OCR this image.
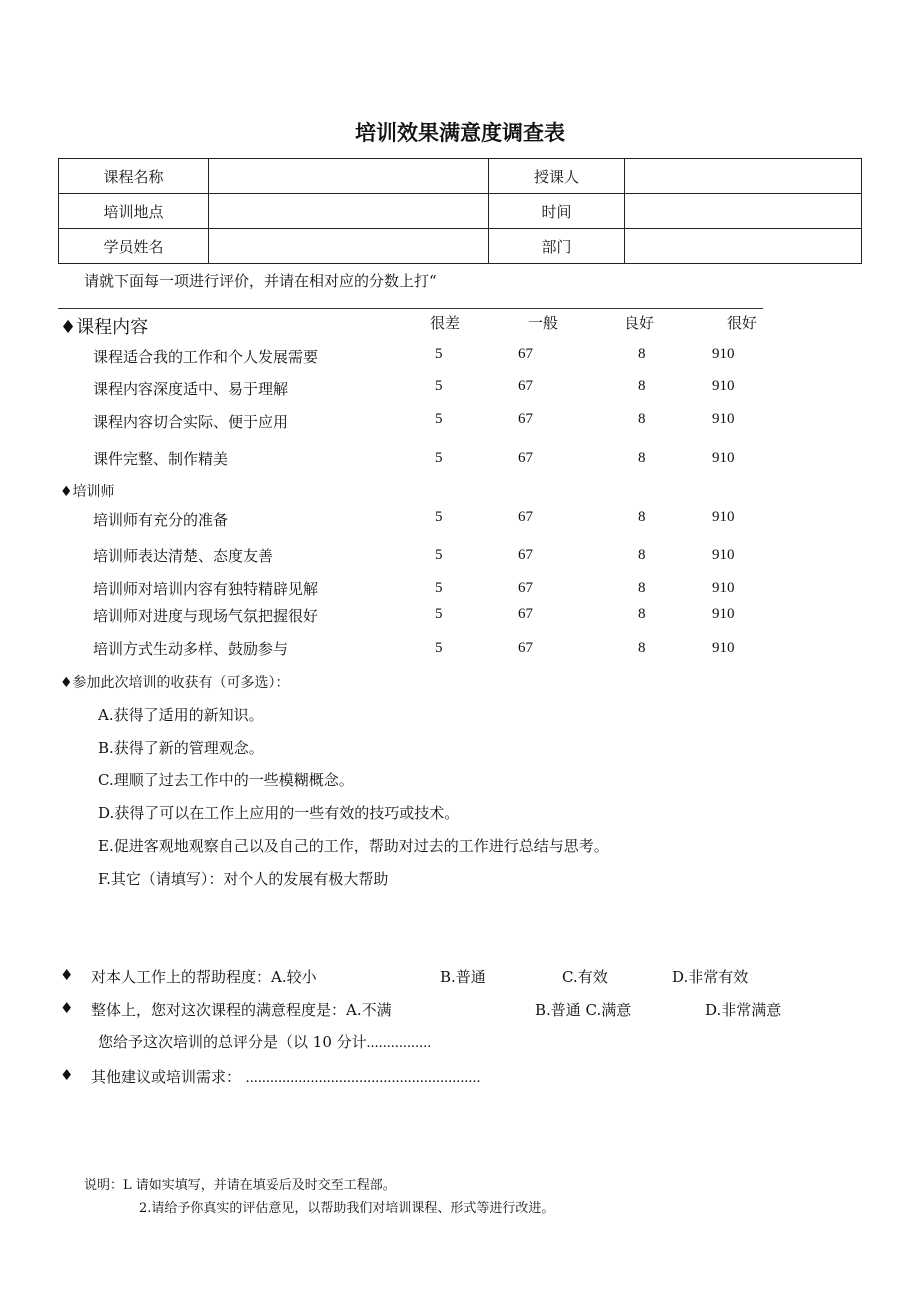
培训效果满意度调查表
课程名称		授课人	
培训地点		时间	
学员姓名		部门	
请就下面每一项进行评价，并请在相对应的分数上打“
♦课程内容	很差	一般	良好	很好
课程适合我的工作和个人发展需要	5	67	8	910
课程内容深度适中、易于理解	5	67	8	910
课程内容切合实际、便于应用	5	67	8	910
课件完整、制作精美	5	67	8	910
♦培训师
培训师有充分的准备	5	67	8	910
培训师表达清楚、态度友善	5	67	8	910
培训师对培训内容有独特精辟见解	5	67	8	910
培训师对进度与现场气氛把握很好	5	67	8	910
培训方式生动多样、鼓励参与	5	67	8	910
♦参加此次培训的收获有（可多选）：
A.获得了适用的新知识。
B.获得了新的管理观念。
C.理顺了过去工作中的一些模糊概念。
D.获得了可以在工作上应用的一些有效的技巧或技术。
E.促进客观地观察自己以及自己的工作，帮助对过去的工作进行总结与思考。
F.其它（请填写）：对个人的发展有极大帮助
♦ 对本人工作上的帮助程度：A.较小	B.普通	C.有效	D.非常有效
♦ 整体上，您对这次课程的满意程度是：A.不满	B.普通 C.满意	D.非常满意
您给予这次培训的总评分是（以 10 分计................
♦ 其他建议或培训需求： ..........................................................
说明：L 请如实填写，并请在填妥后及时交至工程部。
2.请给予你真实的评估意见，以帮助我们对培训课程、形式等进行改进。
